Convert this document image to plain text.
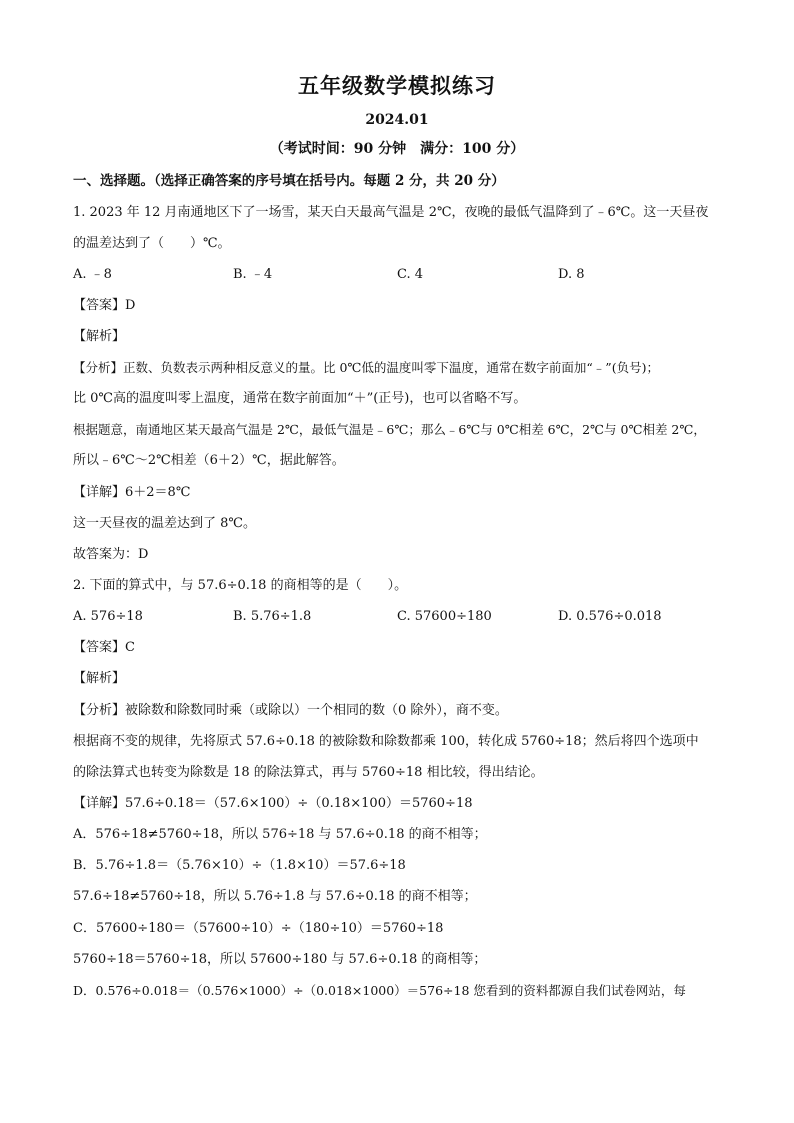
五年级数学模拟练习
2024.01
（考试时间：90 分钟　满分：100 分）
一、选择题。（选择正确答案的序号填在括号内。每题 2 分，共 20 分）
1. 2023 年 12 月南通地区下了一场雪，某天白天最高气温是 2℃，夜晚的最低气温降到了﹣6℃。这一天昼夜
的温差达到了（　　）℃。
A. ﹣8	B. ﹣4	C. 4	D. 8
【答案】D
【解析】
【分析】正数、负数表示两种相反意义的量。比 0℃低的温度叫零下温度，通常在数字前面加“﹣”(负号)；
比 0℃高的温度叫零上温度，通常在数字前面加“＋”(正号)，也可以省略不写。
根据题意，南通地区某天最高气温是 2℃，最低气温是﹣6℃；那么﹣6℃与 0℃相差 6℃，2℃与 0℃相差 2℃，
所以﹣6℃～2℃相差（6＋2）℃，据此解答。
【详解】6＋2＝8℃
这一天昼夜的温差达到了 8℃。
故答案为：D
2. 下面的算式中，与 57.6÷0.18 的商相等的是（　　）。
A. 576÷18	B. 5.76÷1.8	C. 57600÷180	D. 0.576÷0.018
【答案】C
【解析】
【分析】被除数和除数同时乘（或除以）一个相同的数（0 除外），商不变。
根据商不变的规律，先将原式 57.6÷0.18 的被除数和除数都乘 100，转化成 5760÷18；然后将四个选项中
的除法算式也转变为除数是 18 的除法算式，再与 5760÷18 相比较，得出结论。
【详解】57.6÷0.18＝（57.6×100）÷（0.18×100）＝5760÷18
A．576÷18≠5760÷18，所以 576÷18 与 57.6÷0.18 的商不相等；
B．5.76÷1.8＝（5.76×10）÷（1.8×10）＝57.6÷18
57.6÷18≠5760÷18，所以 5.76÷1.8 与 57.6÷0.18 的商不相等；
C．57600÷180＝（57600÷10）÷（180÷10）＝5760÷18
5760÷18＝5760÷18，所以 57600÷180 与 57.6÷0.18 的商相等；
D．0.576÷0.018＝（0.576×1000）÷（0.018×1000）＝576÷18 您看到的资料都源自我们试卷网站，每
